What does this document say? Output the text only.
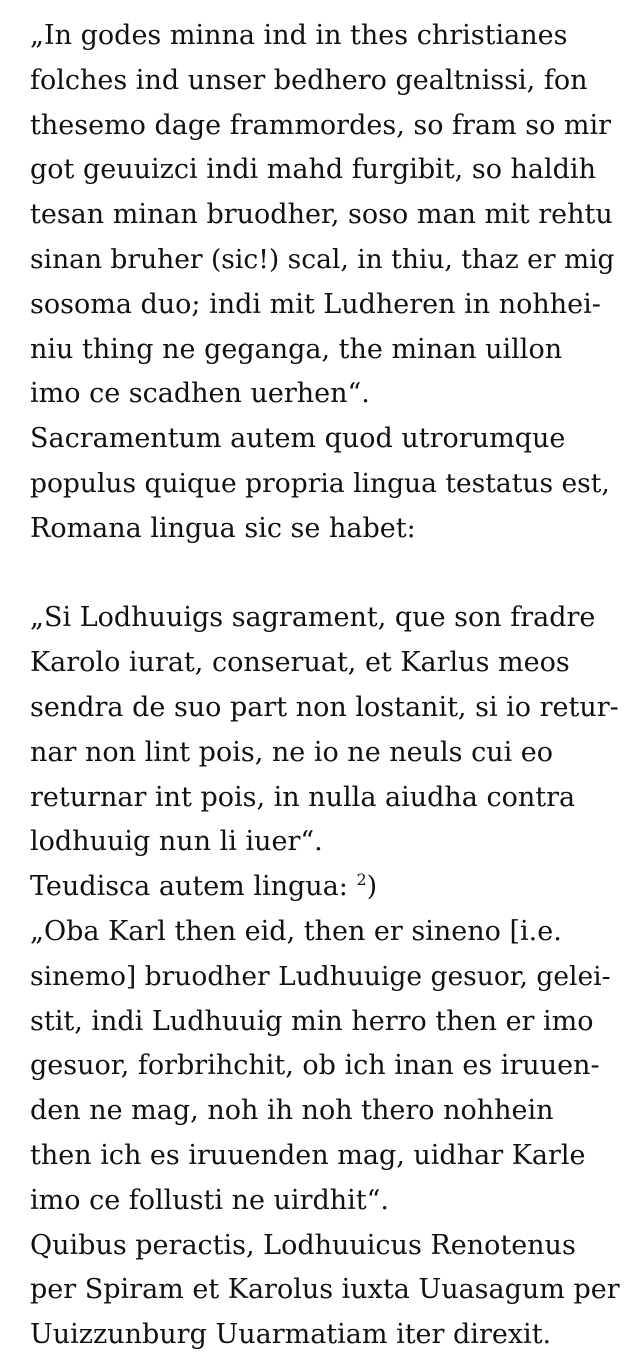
„In godes minna ind in thes christianes
folches ind unser bedhero gealtnissi, fon
thesemo dage frammordes, so fram so mir
got geuuizci indi mahd furgibit, so haldih
tesan minan bruodher, soso man mit rehtu
sinan bruher (sic!) scal, in thiu, thaz er mig
sosoma duo; indi mit Ludheren in nohhei-
niu thing ne geganga, the minan uillon
imo ce scadhen uerhen“.
Sacramentum autem quod utrorumque
populus quique propria lingua testatus est,
Romana lingua sic se habet:
„Si Lodhuuigs sagrament, que son fradre
Karolo iurat, conseruat, et Karlus meos
sendra de suo part non lostanit, si io retur-
nar non lint pois, ne io ne neuls cui eo
returnar int pois, in nulla aiudha contra
lodhuuig nun li iuer“.
Teudisca autem lingua: $^2$)
„Oba Karl then eid, then er sineno [i.e.
sinemo] bruodher Ludhuuige gesuor, gelei-
stit, indi Ludhuuig min herro then er imo
gesuor, forbrihchit, ob ich inan es iruuen-
den ne mag, noh ih noh thero nohhein
then ich es iruuenden mag, uidhar Karle
imo ce follusti ne uirdhit“.
Quibus peractis, Lodhuuicus Renotenus
per Spiram et Karolus iuxta Uuasagum per
Uuizzunburg Uuarmatiam iter direxit.
